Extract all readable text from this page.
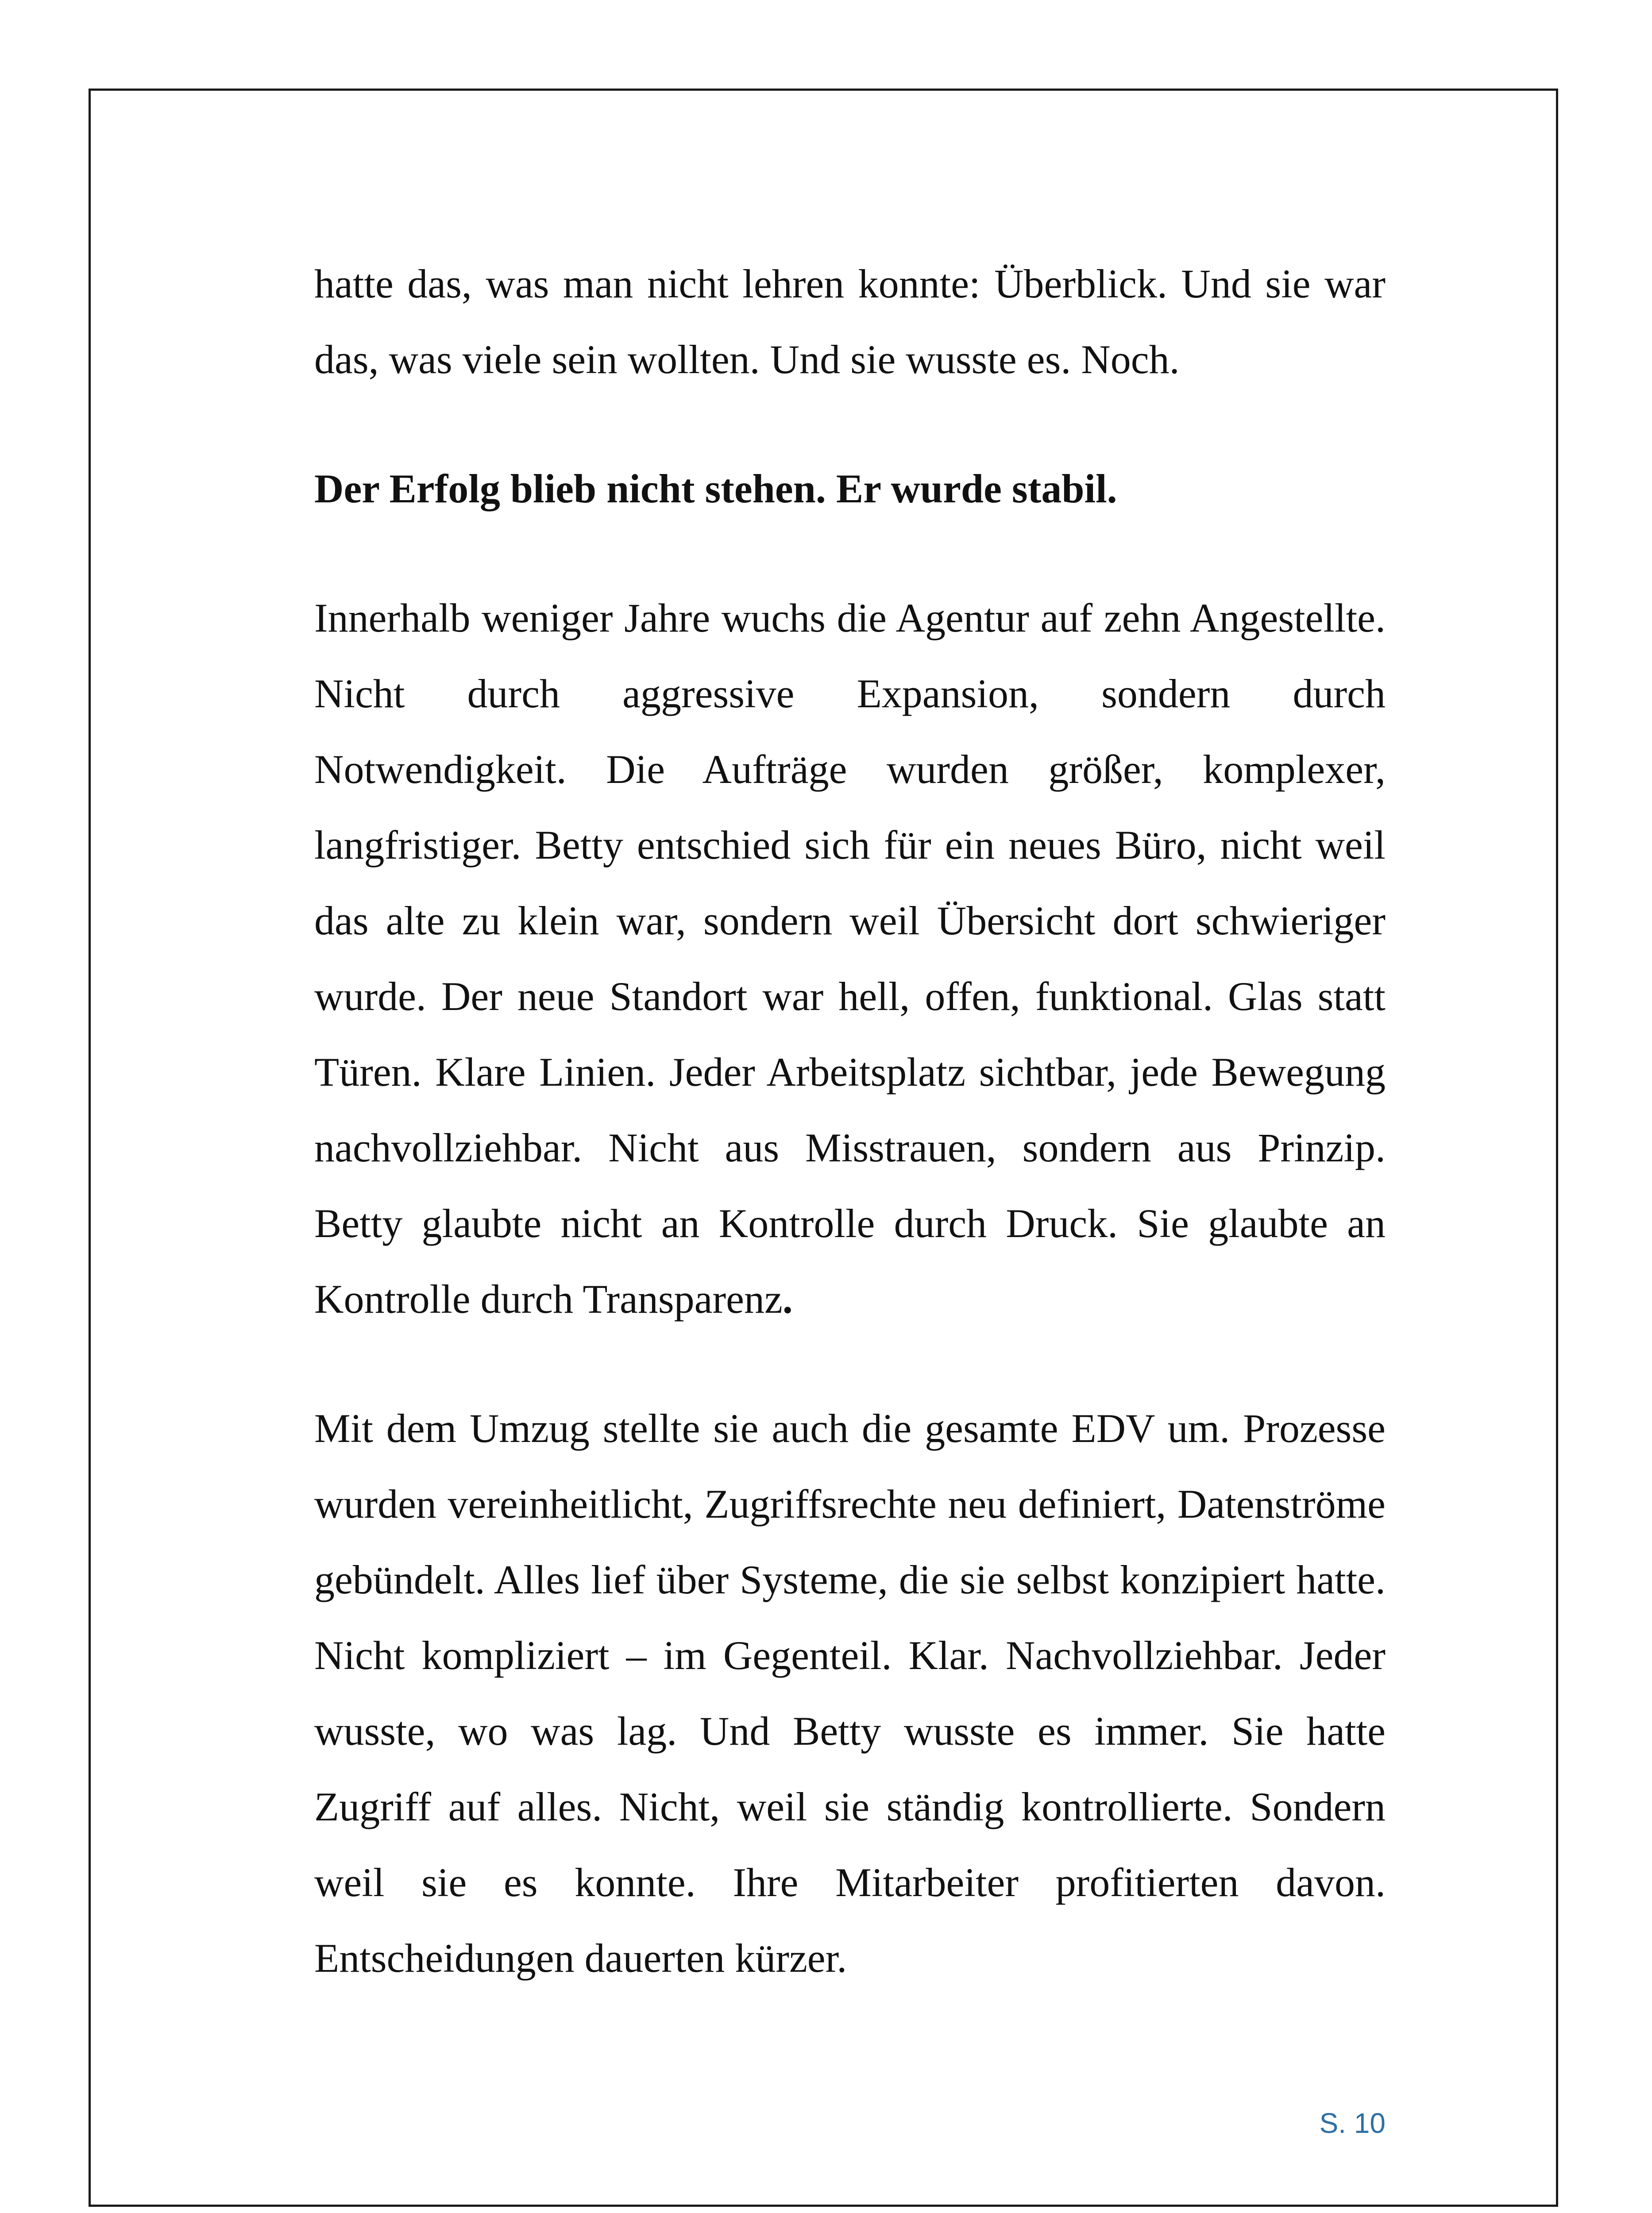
hatte das, was man nicht lehren konnte: Überblick. Und sie war das, was viele sein wollten. Und sie wusste es. Noch.

Der Erfolg blieb nicht stehen. Er wurde stabil.

Innerhalb weniger Jahre wuchs die Agentur auf zehn Angestellte. Nicht durch aggressive Expansion, sondern durch Notwendigkeit. Die Aufträge wurden größer, komplexer, langfristiger. Betty entschied sich für ein neues Büro, nicht weil das alte zu klein war, sondern weil Übersicht dort schwieriger wurde. Der neue Standort war hell, offen, funktional. Glas statt Türen. Klare Linien. Jeder Arbeitsplatz sichtbar, jede Bewegung nachvollziehbar. Nicht aus Misstrauen, sondern aus Prinzip. Betty glaubte nicht an Kontrolle durch Druck. Sie glaubte an Kontrolle durch Transparenz.

Mit dem Umzug stellte sie auch die gesamte EDV um. Prozesse wurden vereinheitlicht, Zugriffsrechte neu definiert, Datenströme gebündelt. Alles lief über Systeme, die sie selbst konzipiert hatte. Nicht kompliziert – im Gegenteil. Klar. Nachvollziehbar. Jeder wusste, wo was lag. Und Betty wusste es immer. Sie hatte Zugriff auf alles. Nicht, weil sie ständig kontrollierte. Sondern weil sie es konnte. Ihre Mitarbeiter profitierten davon. Entscheidungen dauerten kürzer.

S. 10
